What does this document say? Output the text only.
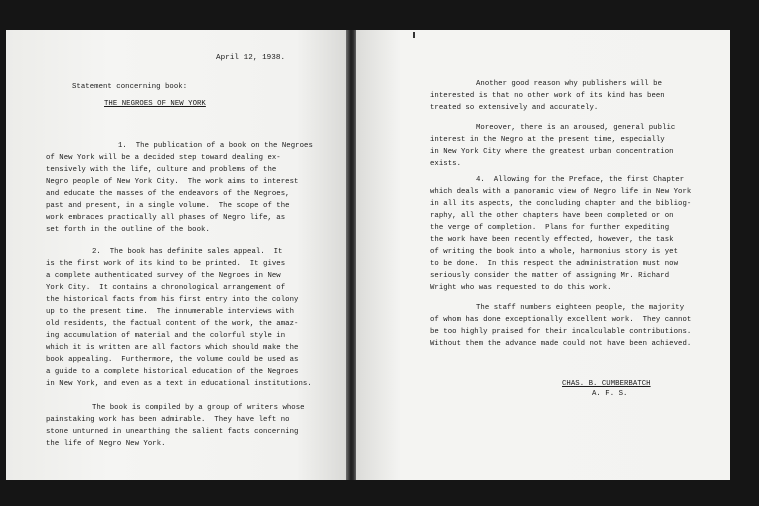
April 12, 1938.
Statement concerning book:
THE NEGROES OF NEW YORK
1.  The publication of a book on the Negroes
of New York will be a decided step toward dealing ex-
tensively with the life, culture and problems of the
Negro people of New York City.  The work aims to interest
and educate the masses of the endeavors of the Negroes,
past and present, in a single volume.  The scope of the
work embraces practically all phases of Negro life, as
set forth in the outline of the book.
2.  The book has definite sales appeal.  It
is the first work of its kind to be printed.  It gives
a complete authenticated survey of the Negroes in New
York City.  It contains a chronological arrangement of
the historical facts from his first entry into the colony
up to the present time.  The innumerable interviews with
old residents, the factual content of the work, the amaz-
ing accumulation of material and the colorful style in
which it is written are all factors which should make the
book appealing.  Furthermore, the volume could be used as
a guide to a complete historical education of the Negroes
in New York, and even as a text in educational institutions.
The book is compiled by a group of writers whose
painstaking work has been admirable.  They have left no
stone unturned in unearthing the salient facts concerning
the life of Negro New York.
Another good reason why publishers will be
interested is that no other work of its kind has been
treated so extensively and accurately.
Moreover, there is an aroused, general public
interest in the Negro at the present time, especially
in New York City where the greatest urban concentration
exists.
4.  Allowing for the Preface, the first Chapter
which deals with a panoramic view of Negro life in New York
in all its aspects, the concluding chapter and the bibliog-
raphy, all the other chapters have been completed or on
the verge of completion.  Plans for further expediting
the work have been recently effected, however, the task
of writing the book into a whole, harmonius story is yet
to be done.  In this respect the administration must now
seriously consider the matter of assigning Mr. Richard
Wright who was requested to do this work.
The staff numbers eighteen people, the majority
of whom has done exceptionally excellent work.  They cannot
be too highly praised for their incalculable contributions.
Without them the advance made could not have been achieved.
CHAS. B. CUMBERBATCH
A. F. S.
